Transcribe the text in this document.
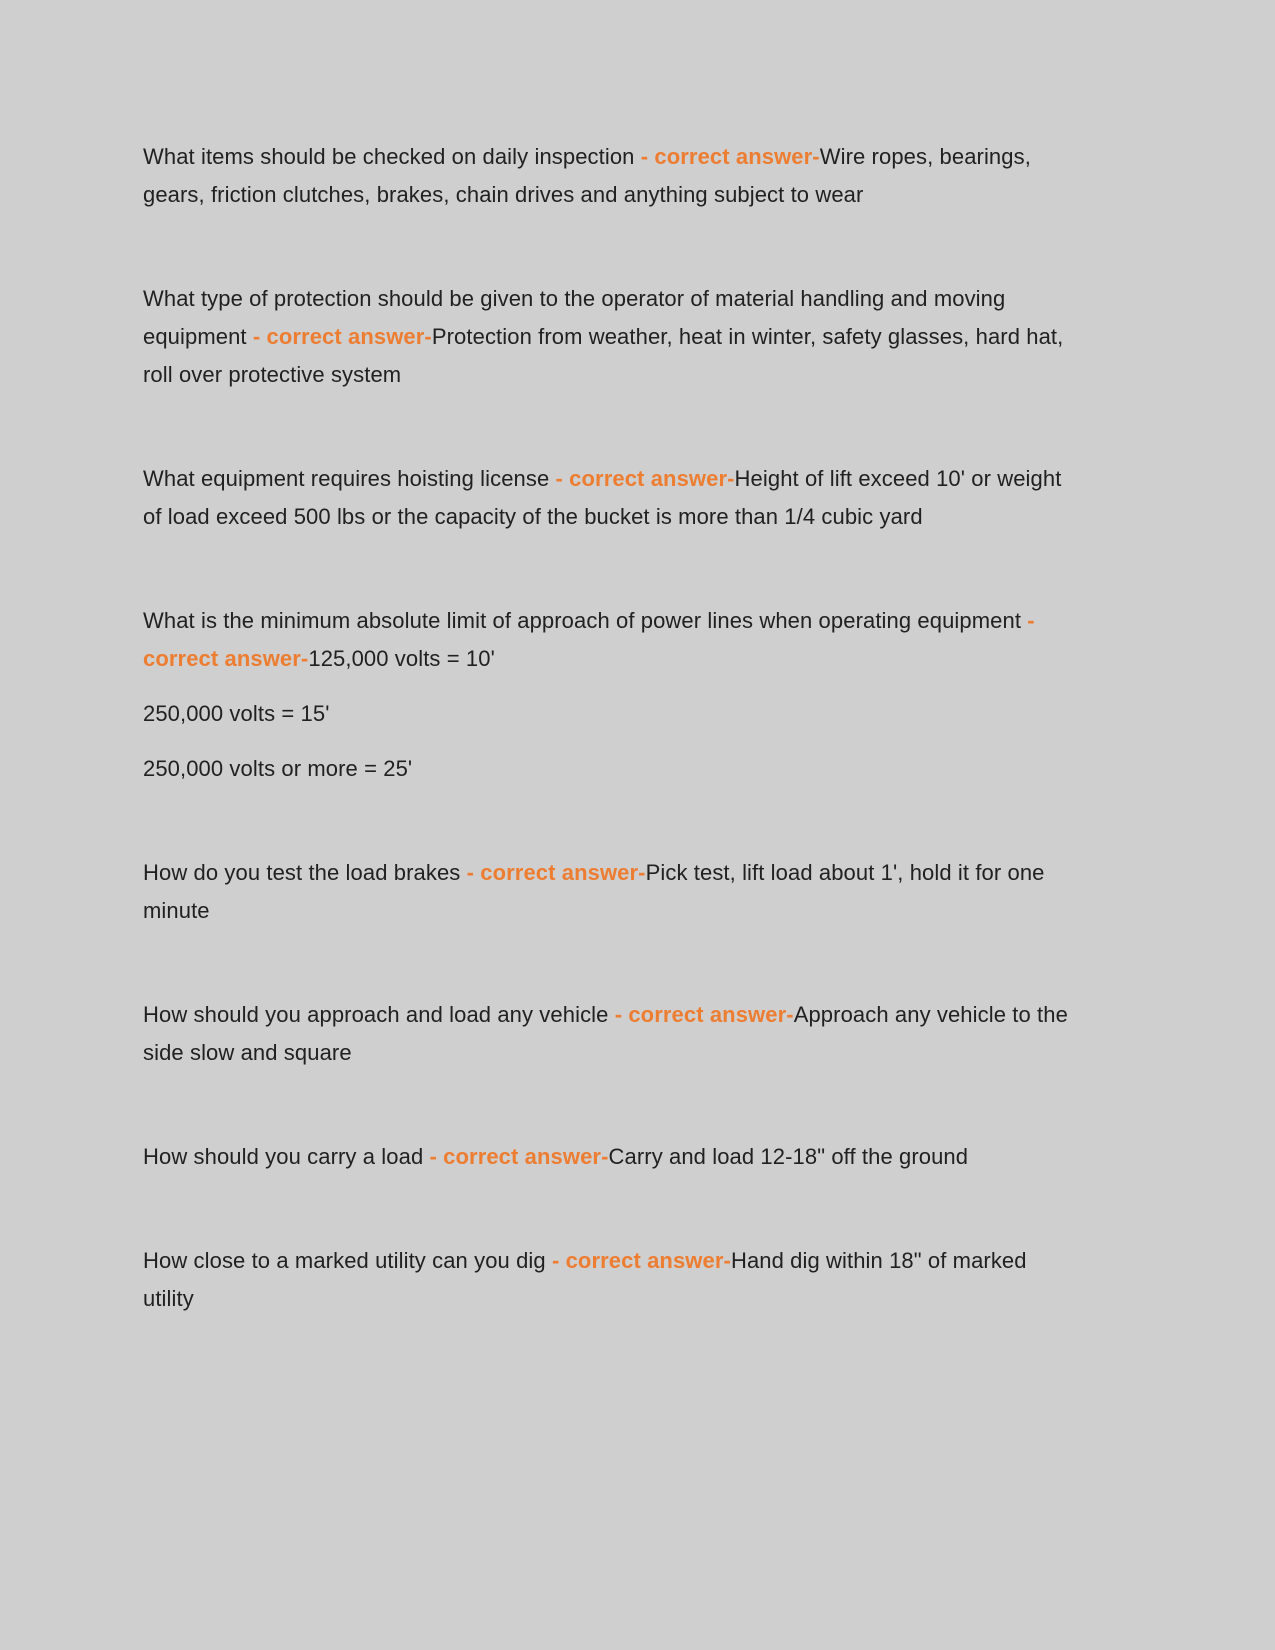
What items should be checked on daily inspection - correct answer-Wire ropes, bearings, gears, friction clutches, brakes, chain drives and anything subject to wear

What type of protection should be given to the operator of material handling and moving equipment - correct answer-Protection from weather, heat in winter, safety glasses, hard hat, roll over protective system

What equipment requires hoisting license - correct answer-Height of lift exceed 10' or weight of load exceed 500 lbs or the capacity of the bucket is more than 1/4 cubic yard

What is the minimum absolute limit of approach of power lines when operating equipment - correct answer-125,000 volts = 10'

250,000 volts = 15'

250,000 volts or more = 25'

How do you test the load brakes - correct answer-Pick test, lift load about 1', hold it for one minute

How should you approach and load any vehicle - correct answer-Approach any vehicle to the side slow and square

How should you carry a load - correct answer-Carry and load 12-18" off the ground

How close to a marked utility can you dig - correct answer-Hand dig within 18" of marked utility
